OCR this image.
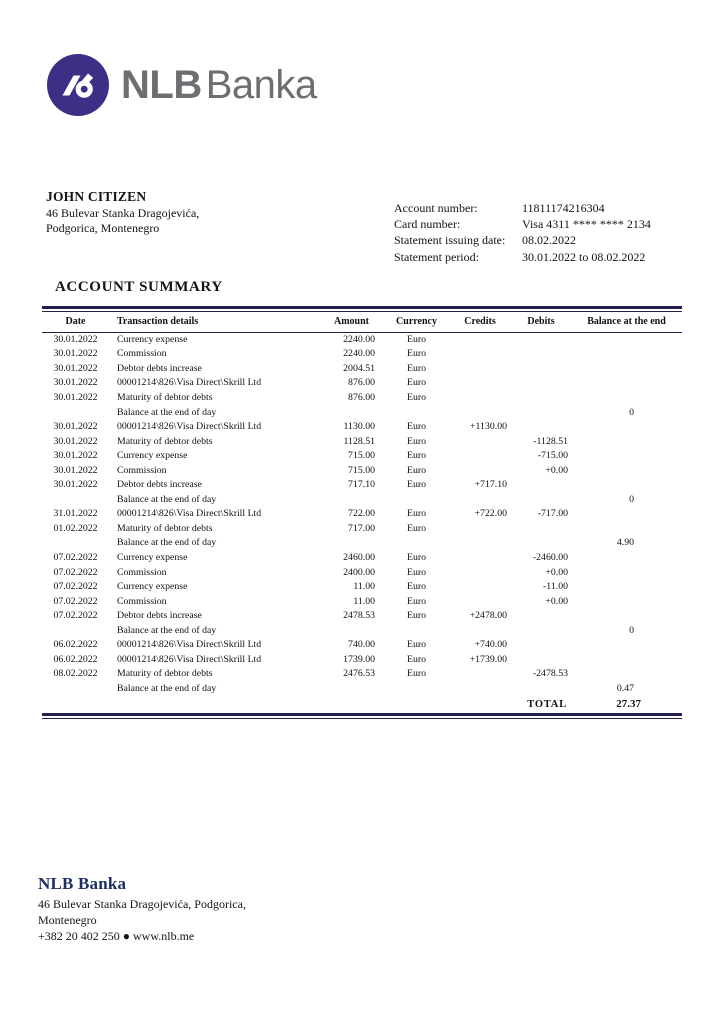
NLB Banka
JOHN CITIZEN
46 Bulevar Stanka Dragojevića,
Podgorica, Montenegro
Account number:	11811174216304
Card number:	Visa 4311 **** **** 2134
Statement issuing date:	08.02.2022
Statement period:	30.01.2022 to 08.02.2022
ACCOUNT SUMMARY
Date	Transaction details	Amount	Currency	Credits	Debits	Balance at the end
30.01.2022	Currency expense	2240.00	Euro			
30.01.2022	Commission	2240.00	Euro			
30.01.2022	Debtor debts increase	2004.51	Euro			
30.01.2022	00001214\826\Visa Direct\Skrill Ltd	876.00	Euro			
30.01.2022	Maturity of debtor debts	876.00	Euro			
	Balance at the end of day					0
30.01.2022	00001214\826\Visa Direct\Skrill Ltd	1130.00	Euro	+1130.00		
30.01.2022	Maturity of debtor debts	1128.51	Euro		-1128.51	
30.01.2022	Currency expense	715.00	Euro		-715.00	
30.01.2022	Commission	715.00	Euro		+0.00	
30.01.2022	Debtor debts increase	717.10	Euro	+717.10		
	Balance at the end of day					0
31.01.2022	00001214\826\Visa Direct\Skrill Ltd	722.00	Euro	+722.00	-717.00	
01.02.2022	Maturity of debtor debts	717.00	Euro			
	Balance at the end of day					4.90
07.02.2022	Currency expense	2460.00	Euro		-2460.00	
07.02.2022	Commission	2400.00	Euro		+0.00	
07.02.2022	Currency expense	11.00	Euro		-11.00	
07.02.2022	Commission	11.00	Euro		+0.00	
07.02.2022	Debtor debts increase	2478.53	Euro	+2478.00		
	Balance at the end of day					0
06.02.2022	00001214\826\Visa Direct\Skrill Ltd	740.00	Euro	+740.00		
06.02.2022	00001214\826\Visa Direct\Skrill Ltd	1739.00	Euro	+1739.00		
08.02.2022	Maturity of debtor debts	2476.53	Euro		-2478.53	
	Balance at the end of day					0.47
					TOTAL	27.37
NLB Banka
46 Bulevar Stanka Dragojevića, Podgorica,
Montenegro
+382 20 402 250 ● www.nlb.me
